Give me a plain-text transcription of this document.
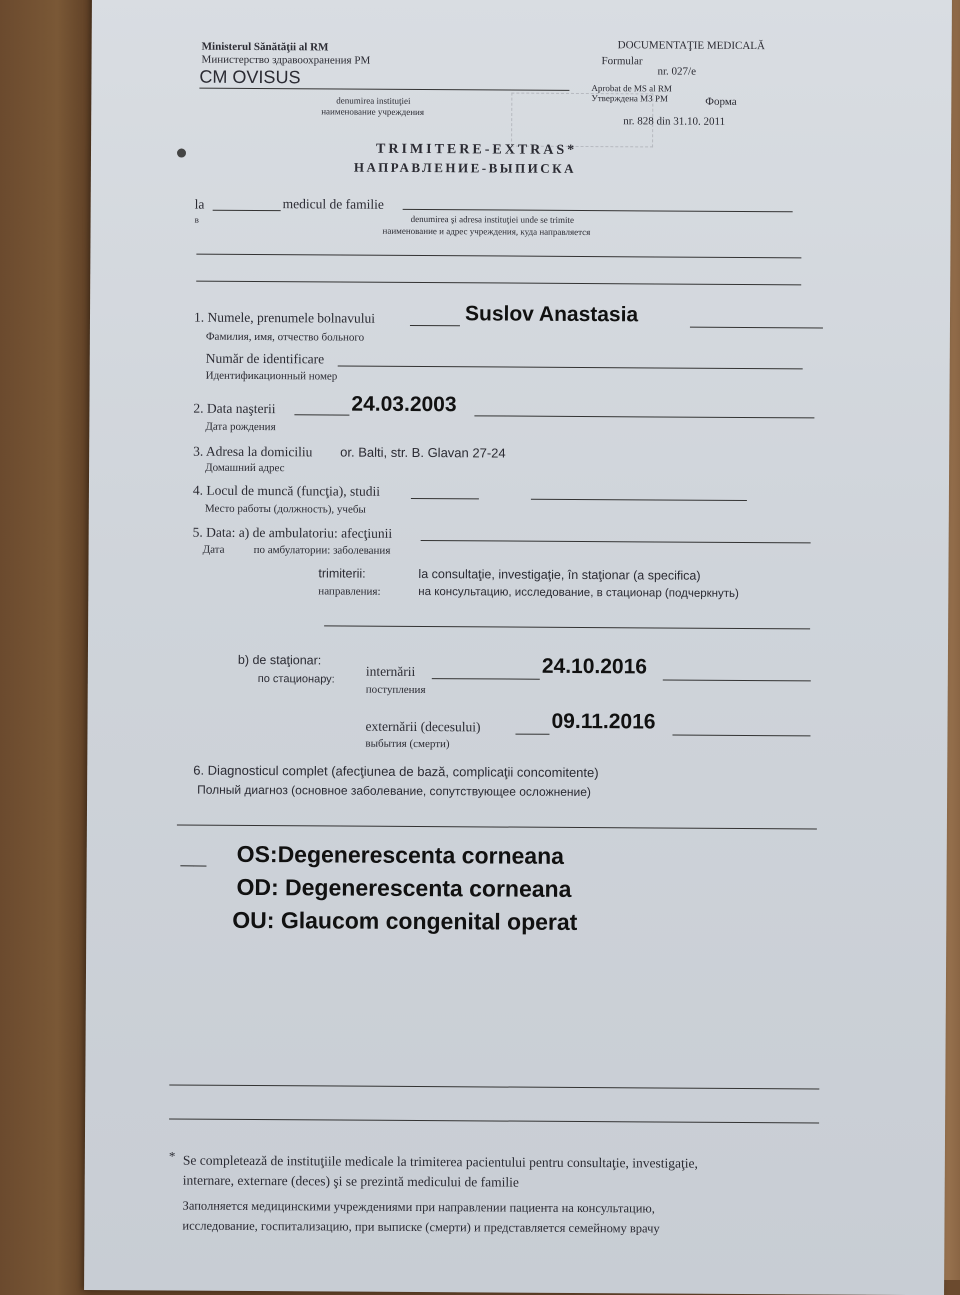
Ministerul Sănătăţii al RM
Министерство здравоохранения РМ
CM OVISUS
denumirea instituţiei
наименование учреждения
DOCUMENTAŢIE MEDICALĂ
Formular
nr. 027/e
Aprobat de MS al RM
Утверждена МЗ РМ	Форма
nr. 828 din 31.10. 2011
TRIMITERE-EXTRAS*
НАПРАВЛЕНИЕ-ВЫПИСКА
la
в
medicul de familie
denumirea şi adresa instituţiei unde se trimite
наименование и адрес учреждения, куда направляется
1. Numele, prenumele bolnavului	Suslov Anastasia
Фамилия, имя, отчество больного
Număr de identificare
Идентификационный номер
2. Data naşterii	24.03.2003
Дата рождения
3. Adresa la domiciliu or. Balti, str. B. Glavan 27-24
Домашний адрес
4. Locul de muncă (funcţia), studii
Место работы (должность), учебы
5. Data: a) de ambulatoriu: afecţiunii
Дата	по амбулатории: заболевания
trimiterii:
направления:
la consultaţie, investigaţie, în staţionar (a specifica)
на консультацию, исследование, в стационар (подчеркнуть)
b) de staţionar:
по стационару:
internării	24.10.2016
поступления
externării (decesului)	09.11.2016
выбытия (смерти)
6. Diagnosticul complet (afecţiunea de bază, complicaţii concomitente)
Полный диагноз (основное заболевание, сопутствующее осложнение)
__ OS:Degenerescenta corneana
OD: Degenerescenta corneana
OU: Glaucom congenital operat
* Se completează de instituţiile medicale la trimiterea pacientului pentru consultaţie, investigaţie,
internare, externare (deces) şi se prezintă medicului de familie
Заполняется медицинскими учреждениями при направлении пациента на консультацию,
исследование, госпитализацию, при выписке (смерти) и представляется семейному врачу
